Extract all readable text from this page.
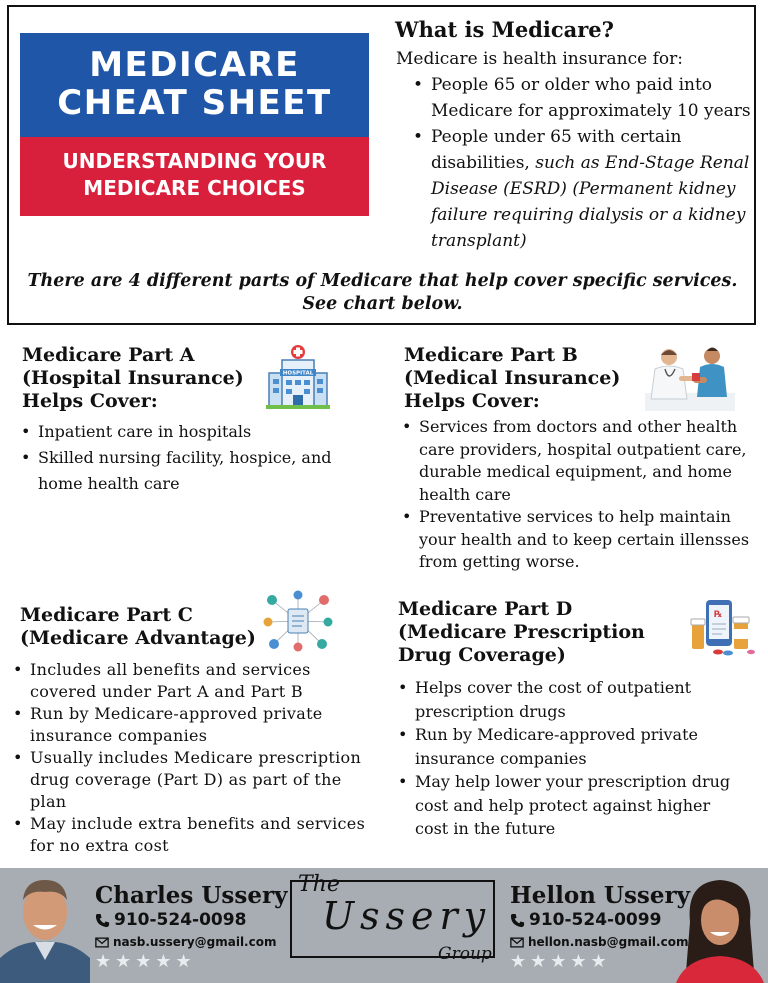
MEDICARE
CHEAT SHEET
UNDERSTANDING YOUR
MEDICARE CHOICES
What is Medicare?
Medicare is health insurance for:
• People 65 or older who paid into Medicare for approximately 10 years
• People under 65 with certain disabilities, such as End-Stage Renal Disease (ESRD) (Permanent kidney failure requiring dialysis or a kidney transplant)
There are 4 different parts of Medicare that help cover specific services.
See chart below.
Medicare Part A
(Hospital Insurance)
Helps Cover:
• Inpatient care in hospitals
• Skilled nursing facility, hospice, and home health care
HOSPITAL
Medicare Part B
(Medical Insurance)
Helps Cover:
• Services from doctors and other health care providers, hospital outpatient care, durable medical equipment, and home health care
• Preventative services to help maintain your health and to keep certain illensses from getting worse.
Medicare Part C
(Medicare Advantage)
• Includes all benefits and services covered under Part A and Part B
• Run by Medicare-approved private insurance companies
• Usually includes Medicare prescription drug coverage (Part D) as part of the plan
• May include extra benefits and services for no extra cost
Medicare Part D
(Medicare Prescription Drug Coverage)
• Helps cover the cost of outpatient prescription drugs
• Run by Medicare-approved private insurance companies
• May help lower your prescription drug cost and help protect against higher cost in the future
℞
Charles Ussery
910-524-0098
nasb.ussery@gmail.com
★★★★★
The
Ussery
Group
Hellon Ussery
910-524-0099
hellon.nasb@gmail.com
★★★★★
